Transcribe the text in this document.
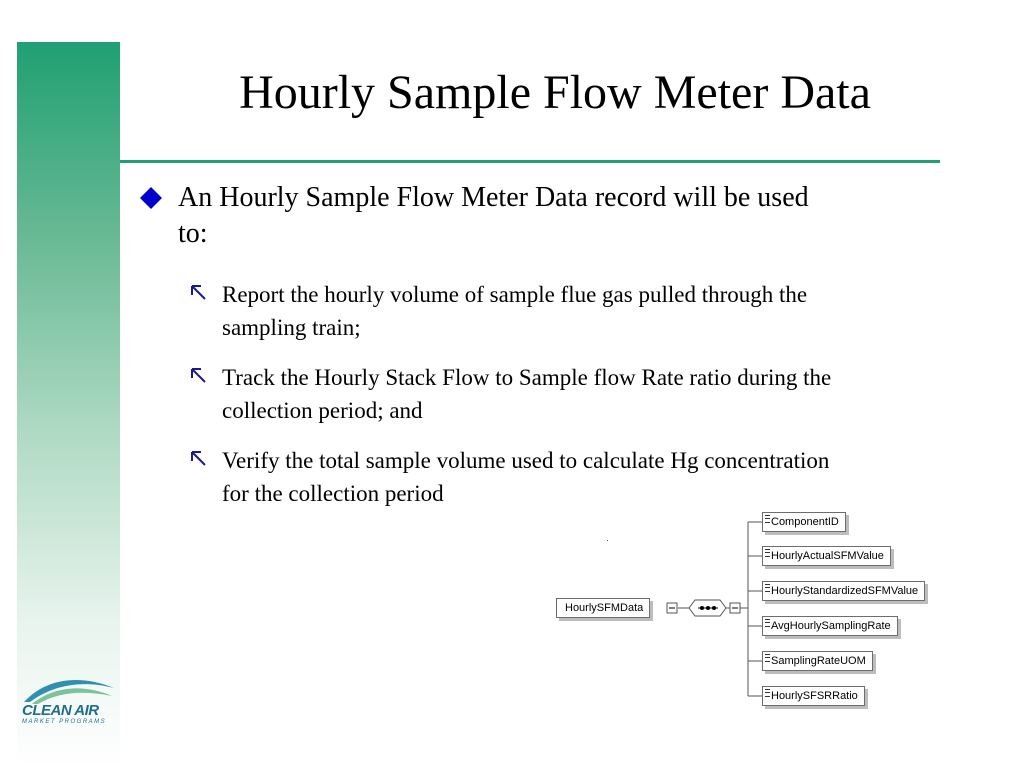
Hourly Sample Flow Meter Data
An Hourly Sample Flow Meter Data record will be used
to:
Report the hourly volume of sample flue gas pulled through the
sampling train;
Track the Hourly Stack Flow to Sample flow Rate ratio during the
collection period; and
Verify the total sample volume used to calculate Hg concentration
for the collection period
HourlySFMData
ComponentID
HourlyActualSFMValue
HourlyStandardizedSFMValue
AvgHourlySamplingRate
SamplingRateUOM
HourlySFSRRatio
CLEAN AIR
MARKET PROGRAMS
